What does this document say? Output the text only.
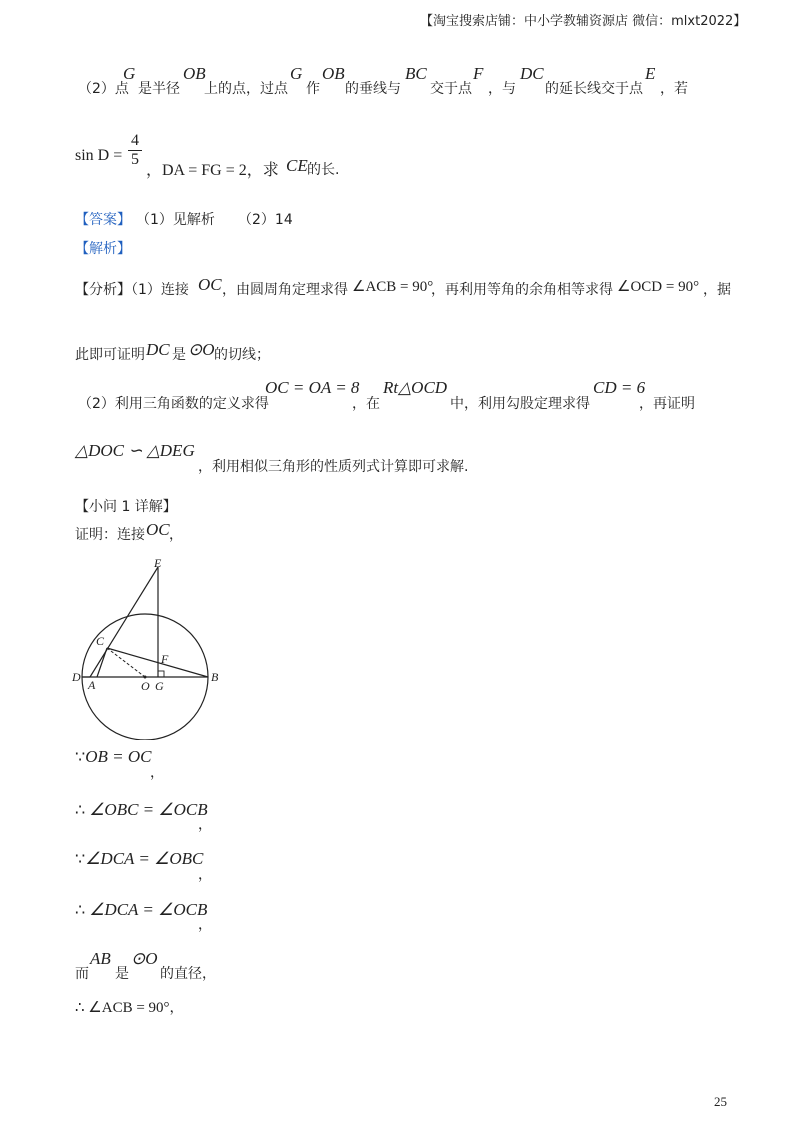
【淘宝搜索店铺：中小学教辅资源店 微信：mlxt2022】
（2）点
G
是半径
OB
上的点，过点
G
作
OB
的垂线与
BC
交于点
F
，与
DC
的延长线交于点
E
，若
$\sin D = \frac{4}{5}$
，DA = FG = 2，求 CE 的长.
【答案】 （1）见解析 （2）14
【解析】
【分析】（1）连接 OC ，由圆周角定理求得 ∠ACB = 90°
，再利用等角的余角相等求得 ∠OCD = 90° ，据
此即可证明 DC 是 ⊙O 的切线；
（2）利用三角函数的定义求得
OC = OA = 8
，在
Rt△OCD
中，利用勾股定理求得
CD = 6
，再证明
△DOC ∽ △DEG
，利用相似三角形的性质列式计算即可求解.
【小问 1 详解】
证明：连接 OC ，
E
C
F
D
A	O G
B
∵OB = OC
，
∴ ∠OBC = ∠OCB
，
∵∠DCA = ∠OBC
，
∴ ∠DCA = ∠OCB
，
而
AB
是
⊙O
的直径，
∴ ∠ACB = 90°，
25
